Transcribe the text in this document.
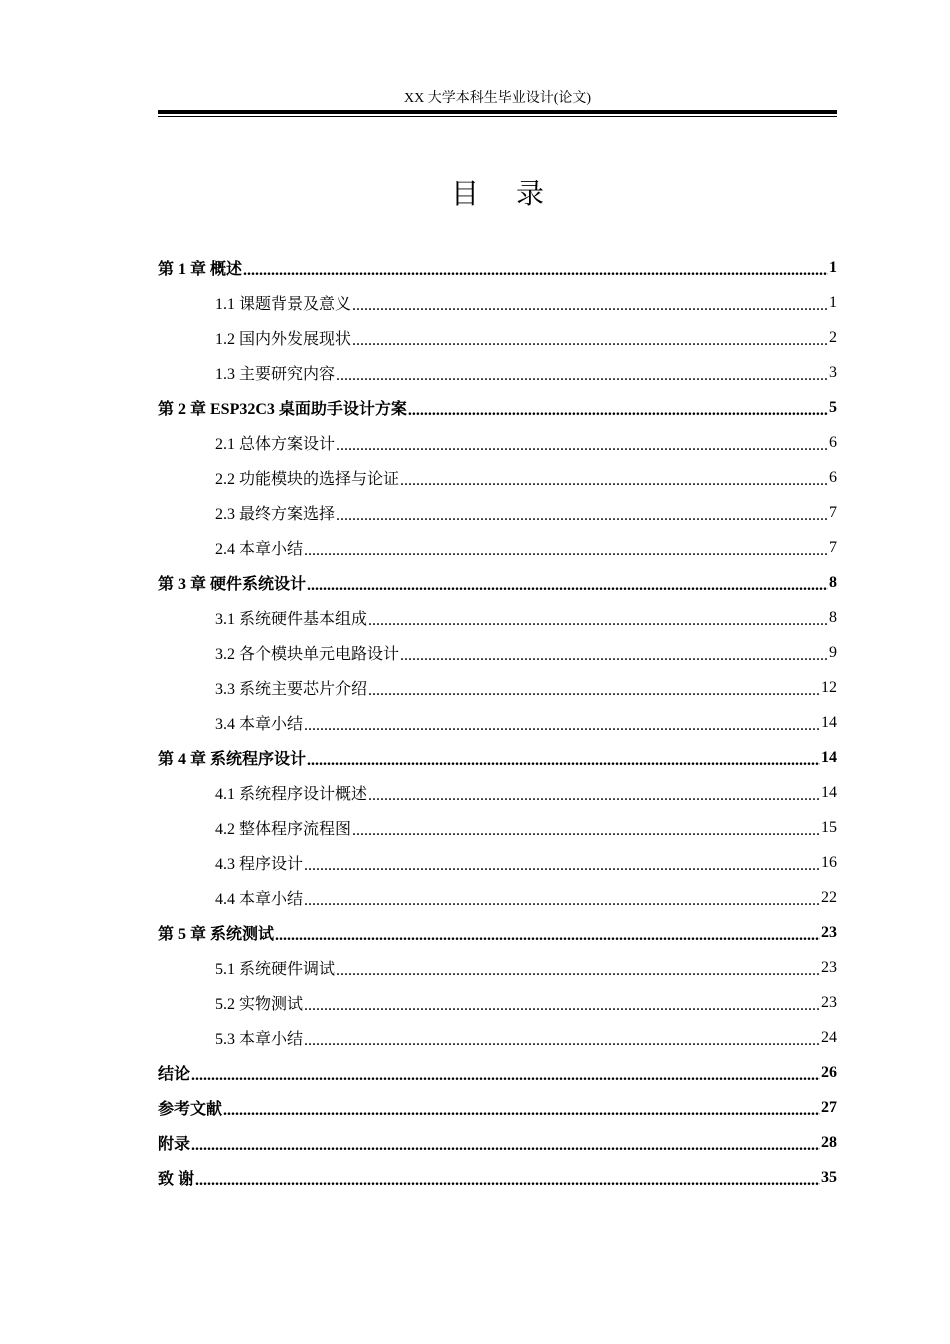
XX 大学本科生毕业设计(论文)
目 录
第 1 章 概述 .....	1
1.1 课题背景及意义 .....	1
1.2 国内外发展现状 .....	2
1.3 主要研究内容 .....	3
第 2 章 ESP32C3 桌面助手设计方案 .....	5
2.1 总体方案设计 .....	6
2.2 功能模块的选择与论证 .....	6
2.3 最终方案选择 .....	7
2.4 本章小结 .....	7
第 3 章 硬件系统设计 .....	8
3.1 系统硬件基本组成 .....	8
3.2 各个模块单元电路设计 .....	9
3.3 系统主要芯片介绍 .....	12
3.4 本章小结 .....	14
第 4 章 系统程序设计 .....	14
4.1 系统程序设计概述 .....	14
4.2 整体程序流程图 .....	15
4.3 程序设计 .....	16
4.4 本章小结 .....	22
第 5 章 系统测试 .....	23
5.1 系统硬件调试 .....	23
5.2 实物测试 .....	23
5.3 本章小结 .....	24
结论 .....	26
参考文献 .....	27
附录 .....	28
致 谢 .....	35
